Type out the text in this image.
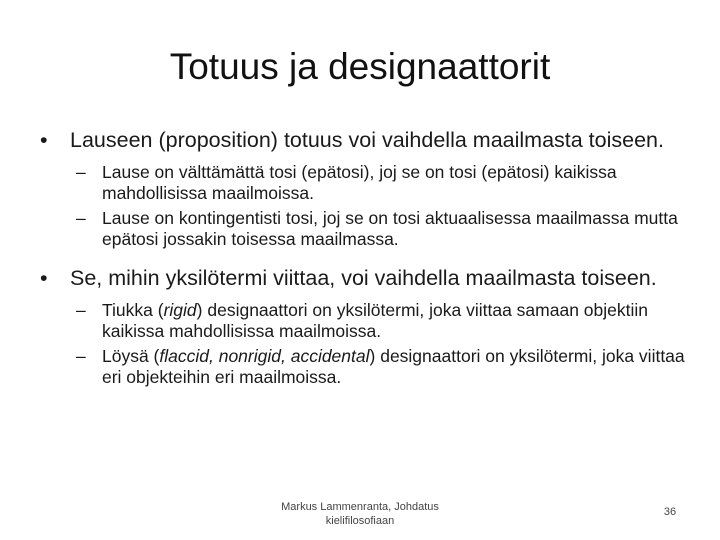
Totuus ja designaattorit
• Lauseen (proposition) totuus voi vaihdella maailmasta toiseen.
– Lause on välttämättä tosi (epätosi), joj se on tosi (epätosi) kaikissa mahdollisissa maailmoissa.
– Lause on kontingentisti tosi, joj se on tosi aktuaalisessa maailmassa mutta epätosi jossakin toisessa maailmassa.
• Se, mihin yksilötermi viittaa, voi vaihdella maailmasta toiseen.
– Tiukka (rigid) designaattori on yksilötermi, joka viittaa samaan objektiin kaikissa mahdollisissa maailmoissa.
– Löysä (flaccid, nonrigid, accidental) designaattori on yksilötermi, joka viittaa eri objekteihin eri maailmoissa.
Markus Lammenranta, Johdatus kielifilosofiaan
36
